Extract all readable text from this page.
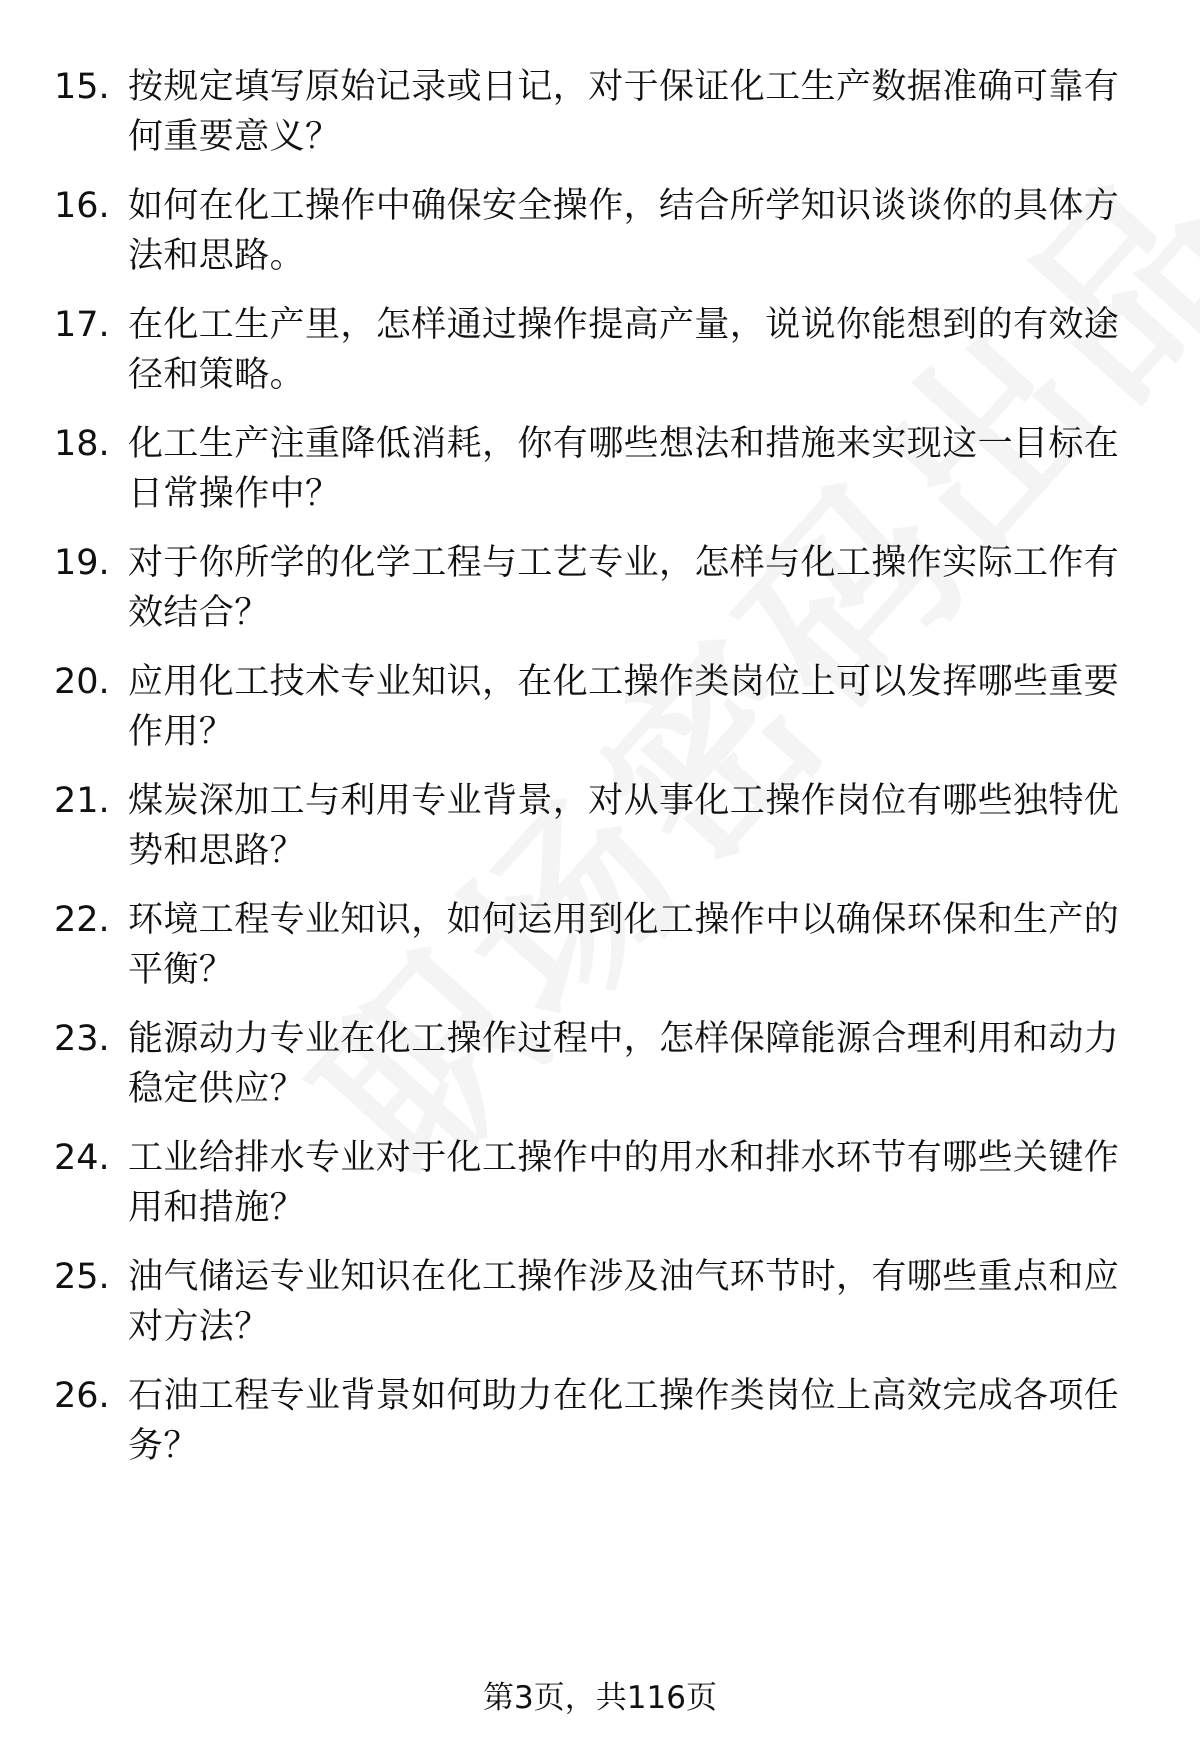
15. 按规定填写原始记录或日记，对于保证化工生产数据准确可靠有何重要意义？
16. 如何在化工操作中确保安全操作，结合所学知识谈谈你的具体方法和思路。
17. 在化工生产里，怎样通过操作提高产量，说说你能想到的有效途径和策略。
18. 化工生产注重降低消耗，你有哪些想法和措施来实现这一目标在日常操作中？
19. 对于你所学的化学工程与工艺专业，怎样与化工操作实际工作有效结合？
20. 应用化工技术专业知识，在化工操作类岗位上可以发挥哪些重要作用？
21. 煤炭深加工与利用专业背景，对从事化工操作岗位有哪些独特优势和思路？
22. 环境工程专业知识，如何运用到化工操作中以确保环保和生产的平衡？
23. 能源动力专业在化工操作过程中，怎样保障能源合理利用和动力稳定供应？
24. 工业给排水专业对于化工操作中的用水和排水环节有哪些关键作用和措施？
25. 油气储运专业知识在化工操作涉及油气环节时，有哪些重点和应对方法？
26. 石油工程专业背景如何助力在化工操作类岗位上高效完成各项任务？
第3页，共116页
